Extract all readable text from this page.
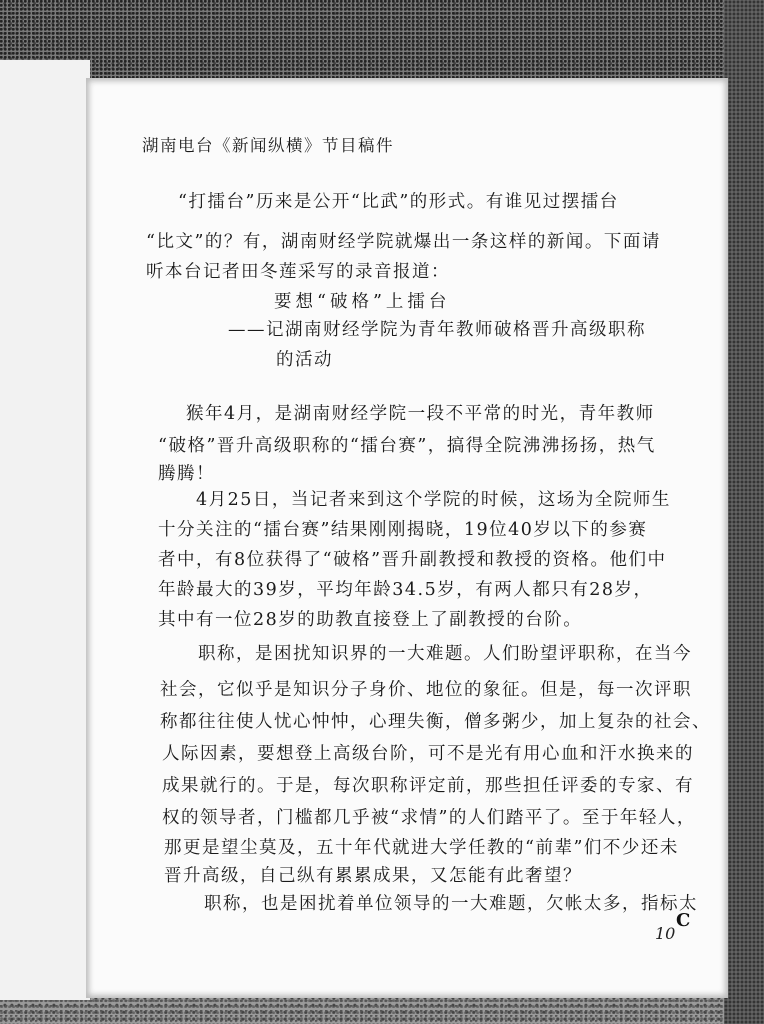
湖南电台《新闻纵横》节目稿件
“打擂台”历来是公开“比武”的形式。有谁见过摆擂台
“比文”的？有，湖南财经学院就爆出一条这样的新闻。下面请
听本台记者田冬莲采写的录音报道：
要想“破格”上擂台
——记湖南财经学院为青年教师破格晋升高级职称
的活动
猴年4月，是湖南财经学院一段不平常的时光，青年教师
“破格”晋升高级职称的“擂台赛”，搞得全院沸沸扬扬，热气
腾腾！
4月25日，当记者来到这个学院的时候，这场为全院师生
十分关注的“擂台赛”结果刚刚揭晓，19位40岁以下的参赛
者中，有8位获得了“破格”晋升副教授和教授的资格。他们中
年龄最大的39岁，平均年龄34.5岁，有两人都只有28岁，
其中有一位28岁的助教直接登上了副教授的台阶。
职称，是困扰知识界的一大难题。人们盼望评职称，在当今
社会，它似乎是知识分子身价、地位的象征。但是，每一次评职
称都往往使人忧心忡忡，心理失衡，僧多粥少，加上复杂的社会、
人际因素，要想登上高级台阶，可不是光有用心血和汗水换来的
成果就行的。于是，每次职称评定前，那些担任评委的专家、有
权的领导者，门槛都几乎被“求情”的人们踏平了。至于年轻人，
那更是望尘莫及，五十年代就进大学任教的“前辈”们不少还未
晋升高级，自己纵有累累成果，又怎能有此奢望？
职称，也是困扰着单位领导的一大难题，欠帐太多，指标太
C
10
